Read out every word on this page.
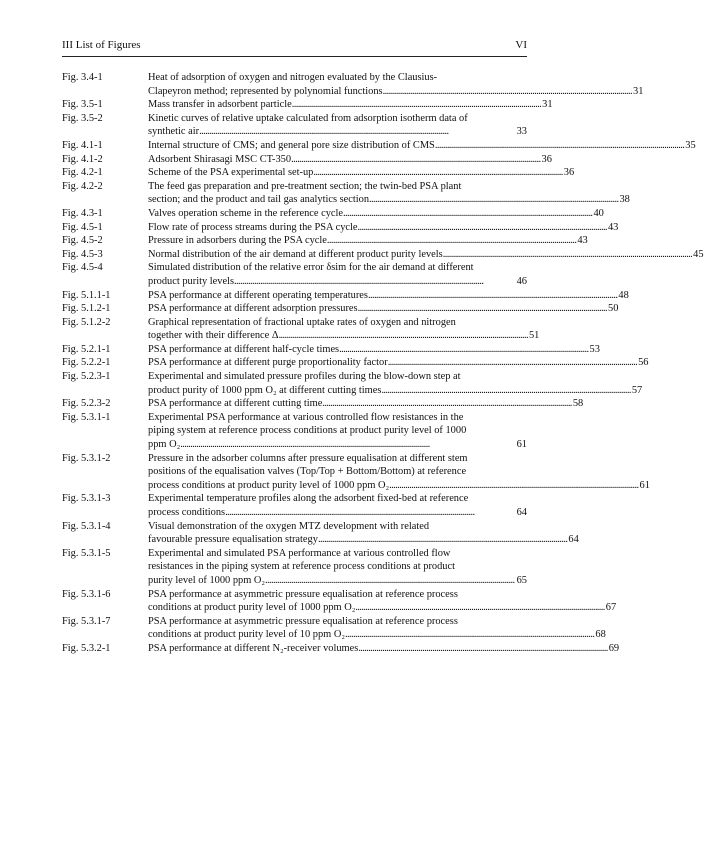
III List of Figures	VI
Fig. 3.4-1	Heat of adsorption of oxygen and nitrogen evaluated by the Clausius-
Clapeyron method; represented by polynomial functions . . .	31
Fig. 3.5-1	Mass transfer in adsorbent particle . . .	31
Fig. 3.5-2	Kinetic curves of relative uptake calculated from adsorption isotherm data of
synthetic air . . .	33
Fig. 4.1-1	Internal structure of CMS; and general pore size distribution of CMS . . .	35
Fig. 4.1-2	Adsorbent Shirasagi MSC CT-350 . . .	36
Fig. 4.2-1	Scheme of the PSA experimental set-up . . .	36
Fig. 4.2-2	The feed gas preparation and pre-treatment section; the twin-bed PSA plant
section; and the product and tail gas analytics section . . .	38
Fig. 4.3-1	Valves operation scheme in the reference cycle . . .	40
Fig. 4.5-1	Flow rate of process streams during the PSA cycle . . .	43
Fig. 4.5-2	Pressure in adsorbers during the PSA cycle . . .	43
Fig. 4.5-3	Normal distribution of the air demand at different product purity levels . . .	45
Fig. 4.5-4	Simulated distribution of the relative error δsim for the air demand at different
product purity levels . . .	46
Fig. 5.1.1-1	PSA performance at different operating temperatures . . .	48
Fig. 5.1.2-1	PSA performance at different adsorption pressures . . .	50
Fig. 5.1.2-2	Graphical representation of fractional uptake rates of oxygen and nitrogen
together with their difference Δ . . .	51
Fig. 5.2.1-1	PSA performance at different half-cycle times . . .	53
Fig. 5.2.2-1	PSA performance at different purge proportionality factor . . .	56
Fig. 5.2.3-1	Experimental and simulated pressure profiles during the blow-down step at
product purity of 1000 ppm O₂ at different cutting times . . .	57
Fig. 5.2.3-2	PSA performance at different cutting time . . .	58
Fig. 5.3.1-1	Experimental PSA performance at various controlled flow resistances in the
piping system at reference process conditions at product purity level of 1000
ppm O₂ . . .	61
Fig. 5.3.1-2	Pressure in the adsorber columns after pressure equalisation at different stem
positions of the equalisation valves (Top/Top + Bottom/Bottom) at reference
process conditions at product purity level of 1000 ppm O₂ . . .	61
Fig. 5.3.1-3	Experimental temperature profiles along the adsorbent fixed-bed at reference
process conditions . . .	64
Fig. 5.3.1-4	Visual demonstration of the oxygen MTZ development with related
favourable pressure equalisation strategy . . .	64
Fig. 5.3.1-5	Experimental and simulated PSA performance at various controlled flow
resistances in the piping system at reference process conditions at product
purity level of 1000 ppm O₂ . . .	65
Fig. 5.3.1-6	PSA performance at asymmetric pressure equalisation at reference process
conditions at product purity level of 1000 ppm O₂ . . .	67
Fig. 5.3.1-7	PSA performance at asymmetric pressure equalisation at reference process
conditions at product purity level of 10 ppm O₂ . . .	68
Fig. 5.3.2-1	PSA performance at different N₂-receiver volumes . . .	69
